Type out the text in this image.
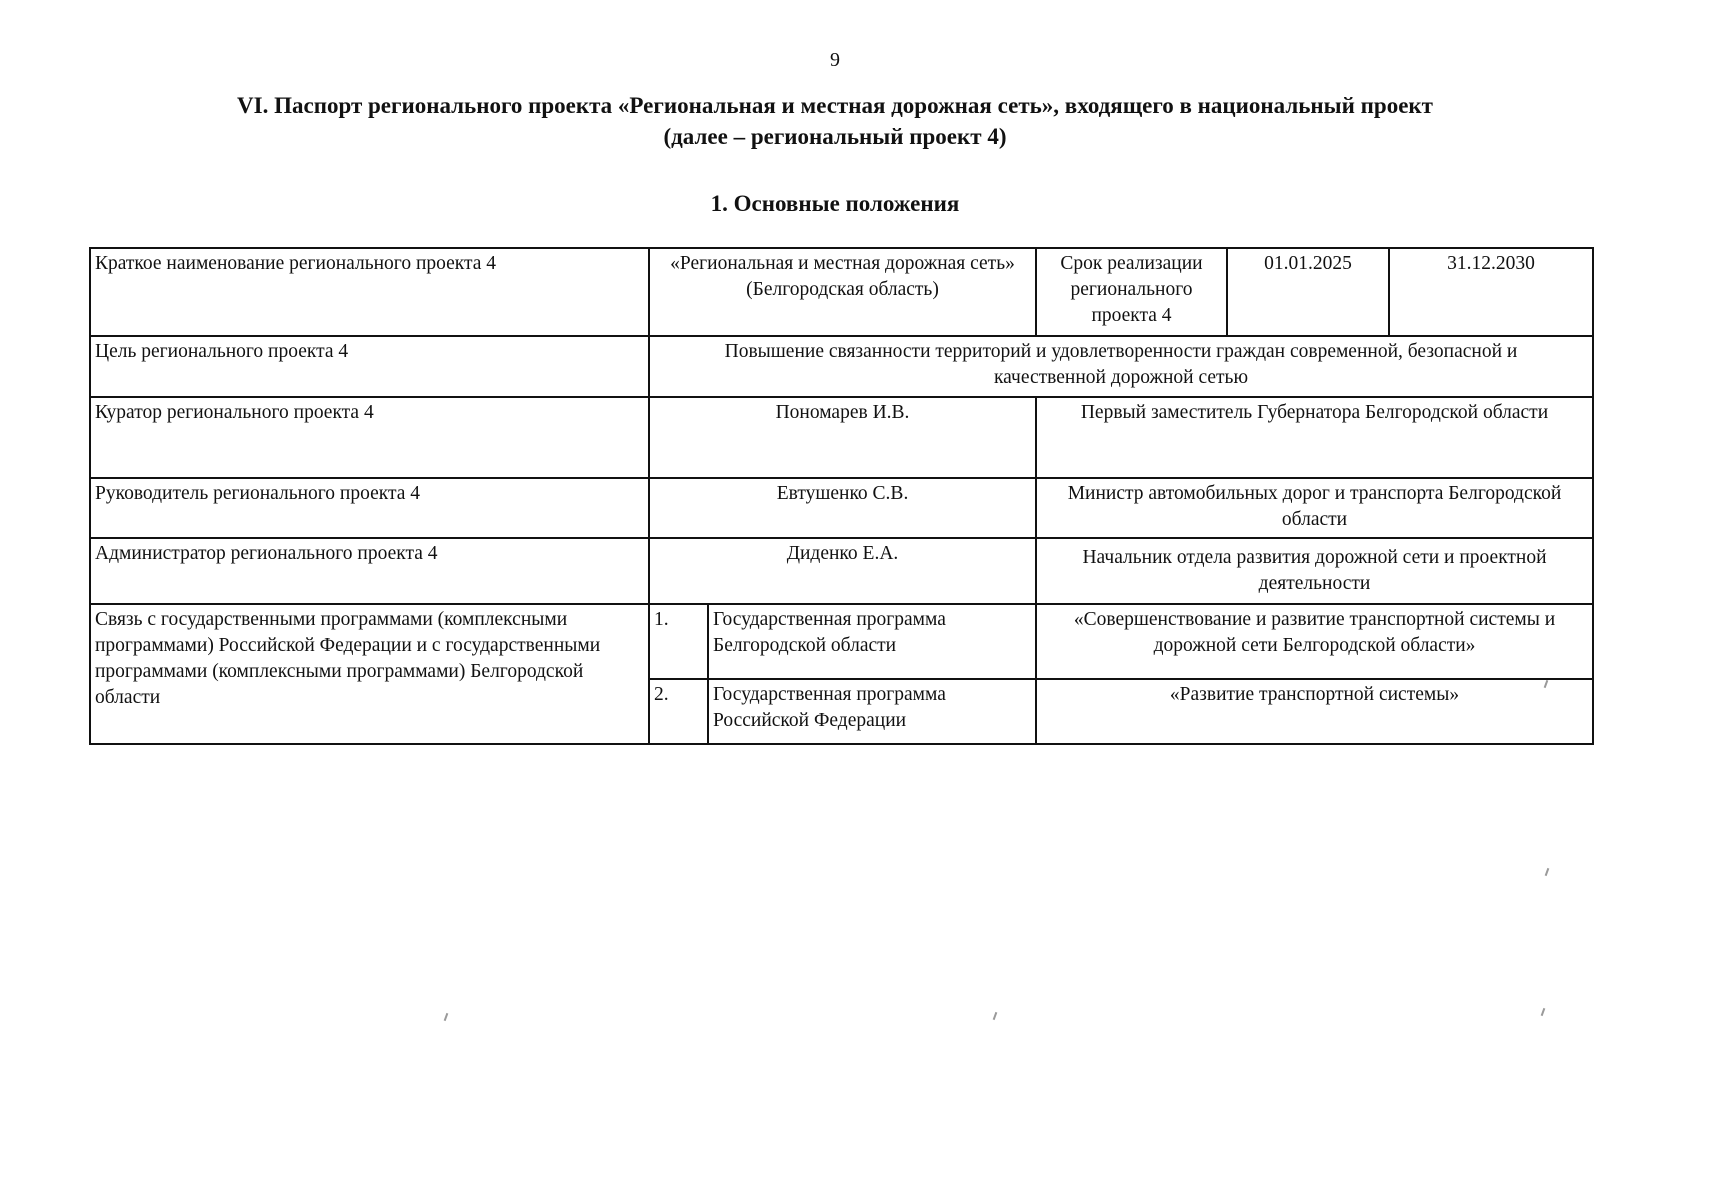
9
VI. Паспорт регионального проекта «Региональная и местная дорожная сеть», входящего в национальный проект
(далее – региональный проект 4)
1. Основные положения
Краткое наименование регионального проекта 4	«Региональная и местная дорожная сеть» (Белгородская область)		Срок реализации регионального проекта 4	01.01.2025	31.12.2030
Цель регионального проекта 4	Повышение связанности территорий и удовлетворенности граждан современной, безопасной и качественной дорожной сетью				
Куратор регионального проекта 4	Пономарев И.В.		Первый заместитель Губернатора Белгородской области		
Руководитель регионального проекта 4	Евтушенко С.В.		Министр автомобильных дорог и транспорта Белгородской области		
Администратор регионального проекта 4	Диденко Е.А.		Начальник отдела развития дорожной сети и проектной деятельности		
Связь с государственными программами (комплексными программами) Российской Федерации и с государственными программами (комплексными программами) Белгородской области	1.	Государственная программа Белгородской области	«Совершенствование и развитие транспортной системы и дорожной сети Белгородской области»		
	2.	Государственная программа Российской Федерации	«Развитие транспортной системы»		
